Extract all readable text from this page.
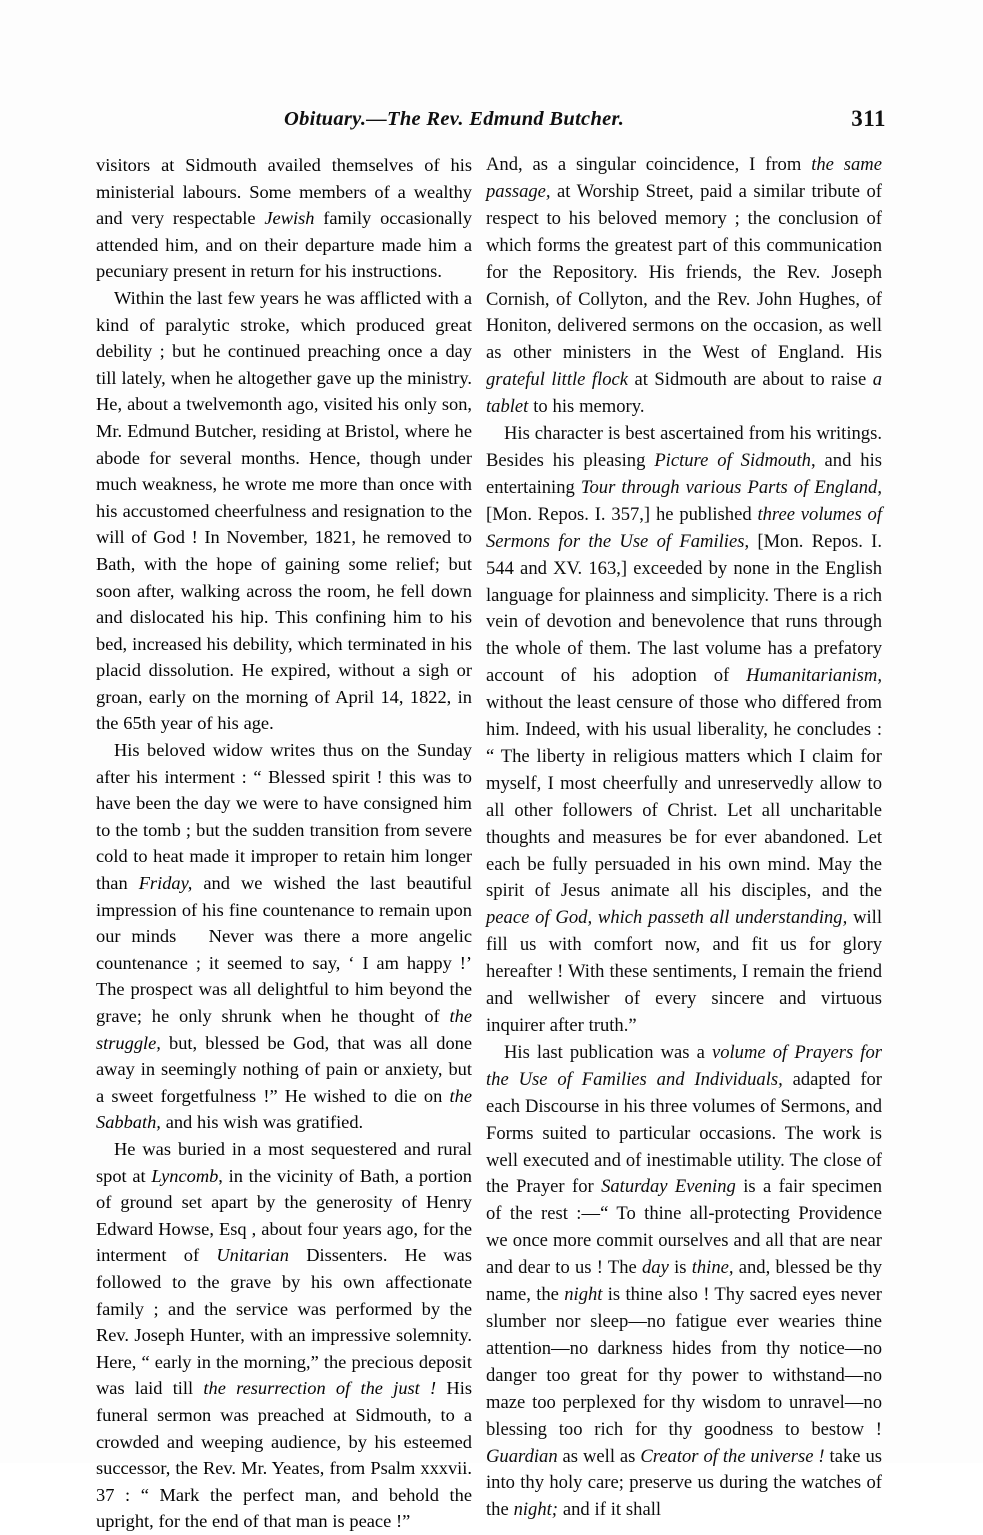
Obituary.—The Rev. Edmund Butcher.	311

visitors at Sidmouth availed themselves of his ministerial labours. Some members of a wealthy and very respectable Jewish family occasionally attended him, and on their departure made him a pecuniary present in return for his instructions.

Within the last few years he was afflicted with a kind of paralytic stroke, which produced great debility ; but he continued preaching once a day till lately, when he altogether gave up the ministry. He, about a twelvemonth ago, visited his only son, Mr. Edmund Butcher, residing at Bristol, where he abode for several months. Hence, though under much weakness, he wrote me more than once with his accustomed cheerfulness and resignation to the will of God ! In November, 1821, he removed to Bath, with the hope of gaining some relief; but soon after, walking across the room, he fell down and dislocated his hip. This confining him to his bed, increased his debility, which terminated in his placid dissolution. He expired, without a sigh or groan, early on the morning of April 14, 1822, in the 65th year of his age.

His beloved widow writes thus on the Sunday after his interment : “ Blessed spirit ! this was to have been the day we were to have consigned him to the tomb ; but the sudden transition from severe cold to heat made it improper to retain him longer than Friday, and we wished the last beautiful impression of his fine countenance to remain upon our minds   Never was there a more angelic countenance ; it seemed to say, ‘ I am happy !’ The prospect was all delightful to him beyond the grave; he only shrunk when he thought of the struggle, but, blessed be God, that was all done away in seemingly nothing of pain or anxiety, but a sweet forgetfulness !” He wished to die on the Sabbath, and his wish was gratified.

He was buried in a most sequestered and rural spot at Lyncomb, in the vicinity of Bath, a portion of ground set apart by the generosity of Henry Edward Howse, Esq , about four years ago, for the interment of Unitarian Dissenters. He was followed to the grave by his own affectionate family ; and the service was performed by the Rev. Joseph Hunter, with an impressive solemnity. Here, “ early in the morning,” the precious deposit was laid till the resurrection of the just ! His funeral sermon was preached at Sidmouth, to a crowded and weeping audience, by his esteemed successor, the Rev. Mr. Yeates, from Psalm xxxvii. 37 : “ Mark the perfect man, and behold the upright, for the end of that man is peace !”

And, as a singular coincidence, I from the same passage, at Worship Street, paid a similar tribute of respect to his beloved memory ; the conclusion of which forms the greatest part of this communication for the Repository. His friends, the Rev. Joseph Cornish, of Collyton, and the Rev. John Hughes, of Honiton, delivered sermons on the occasion, as well as other ministers in the West of England. His grateful little flock at Sidmouth are about to raise a tablet to his memory.

His character is best ascertained from his writings. Besides his pleasing Picture of Sidmouth, and his entertaining Tour through various Parts of England, [Mon. Repos. I. 357,] he published three volumes of Sermons for the Use of Families, [Mon. Repos. I. 544 and XV. 163,] exceeded by none in the English language for plainness and simplicity. There is a rich vein of devotion and benevolence that runs through the whole of them. The last volume has a prefatory account of his adoption of Humanitarianism, without the least censure of those who differed from him. Indeed, with his usual liberality, he concludes : “ The liberty in religious matters which I claim for myself, I most cheerfully and unreservedly allow to all other followers of Christ. Let all uncharitable thoughts and measures be for ever abandoned. Let each be fully persuaded in his own mind. May the spirit of Jesus animate all his disciples, and the peace of God, which passeth all understanding, will fill us with comfort now, and fit us for glory hereafter ! With these sentiments, I remain the friend and wellwisher of every sincere and virtuous inquirer after truth.”

His last publication was a volume of Prayers for the Use of Families and Individuals, adapted for each Discourse in his three volumes of Sermons, and Forms suited to particular occasions. The work is well executed and of inestimable utility. The close of the Prayer for Saturday Evening is a fair specimen of the rest :—“ To thine all-protecting Providence we once more commit ourselves and all that are near and dear to us ! The day is thine, and, blessed be thy name, the night is thine also ! Thy sacred eyes never slumber nor sleep—no fatigue ever wearies thine attention—no darkness hides from thy notice—no danger too great for thy power to withstand—no maze too perplexed for thy wisdom to unravel—no blessing too rich for thy goodness to bestow ! Guardian as well as Creator of the universe ! take us into thy holy care; preserve us during the watches of the night; and if it shall
